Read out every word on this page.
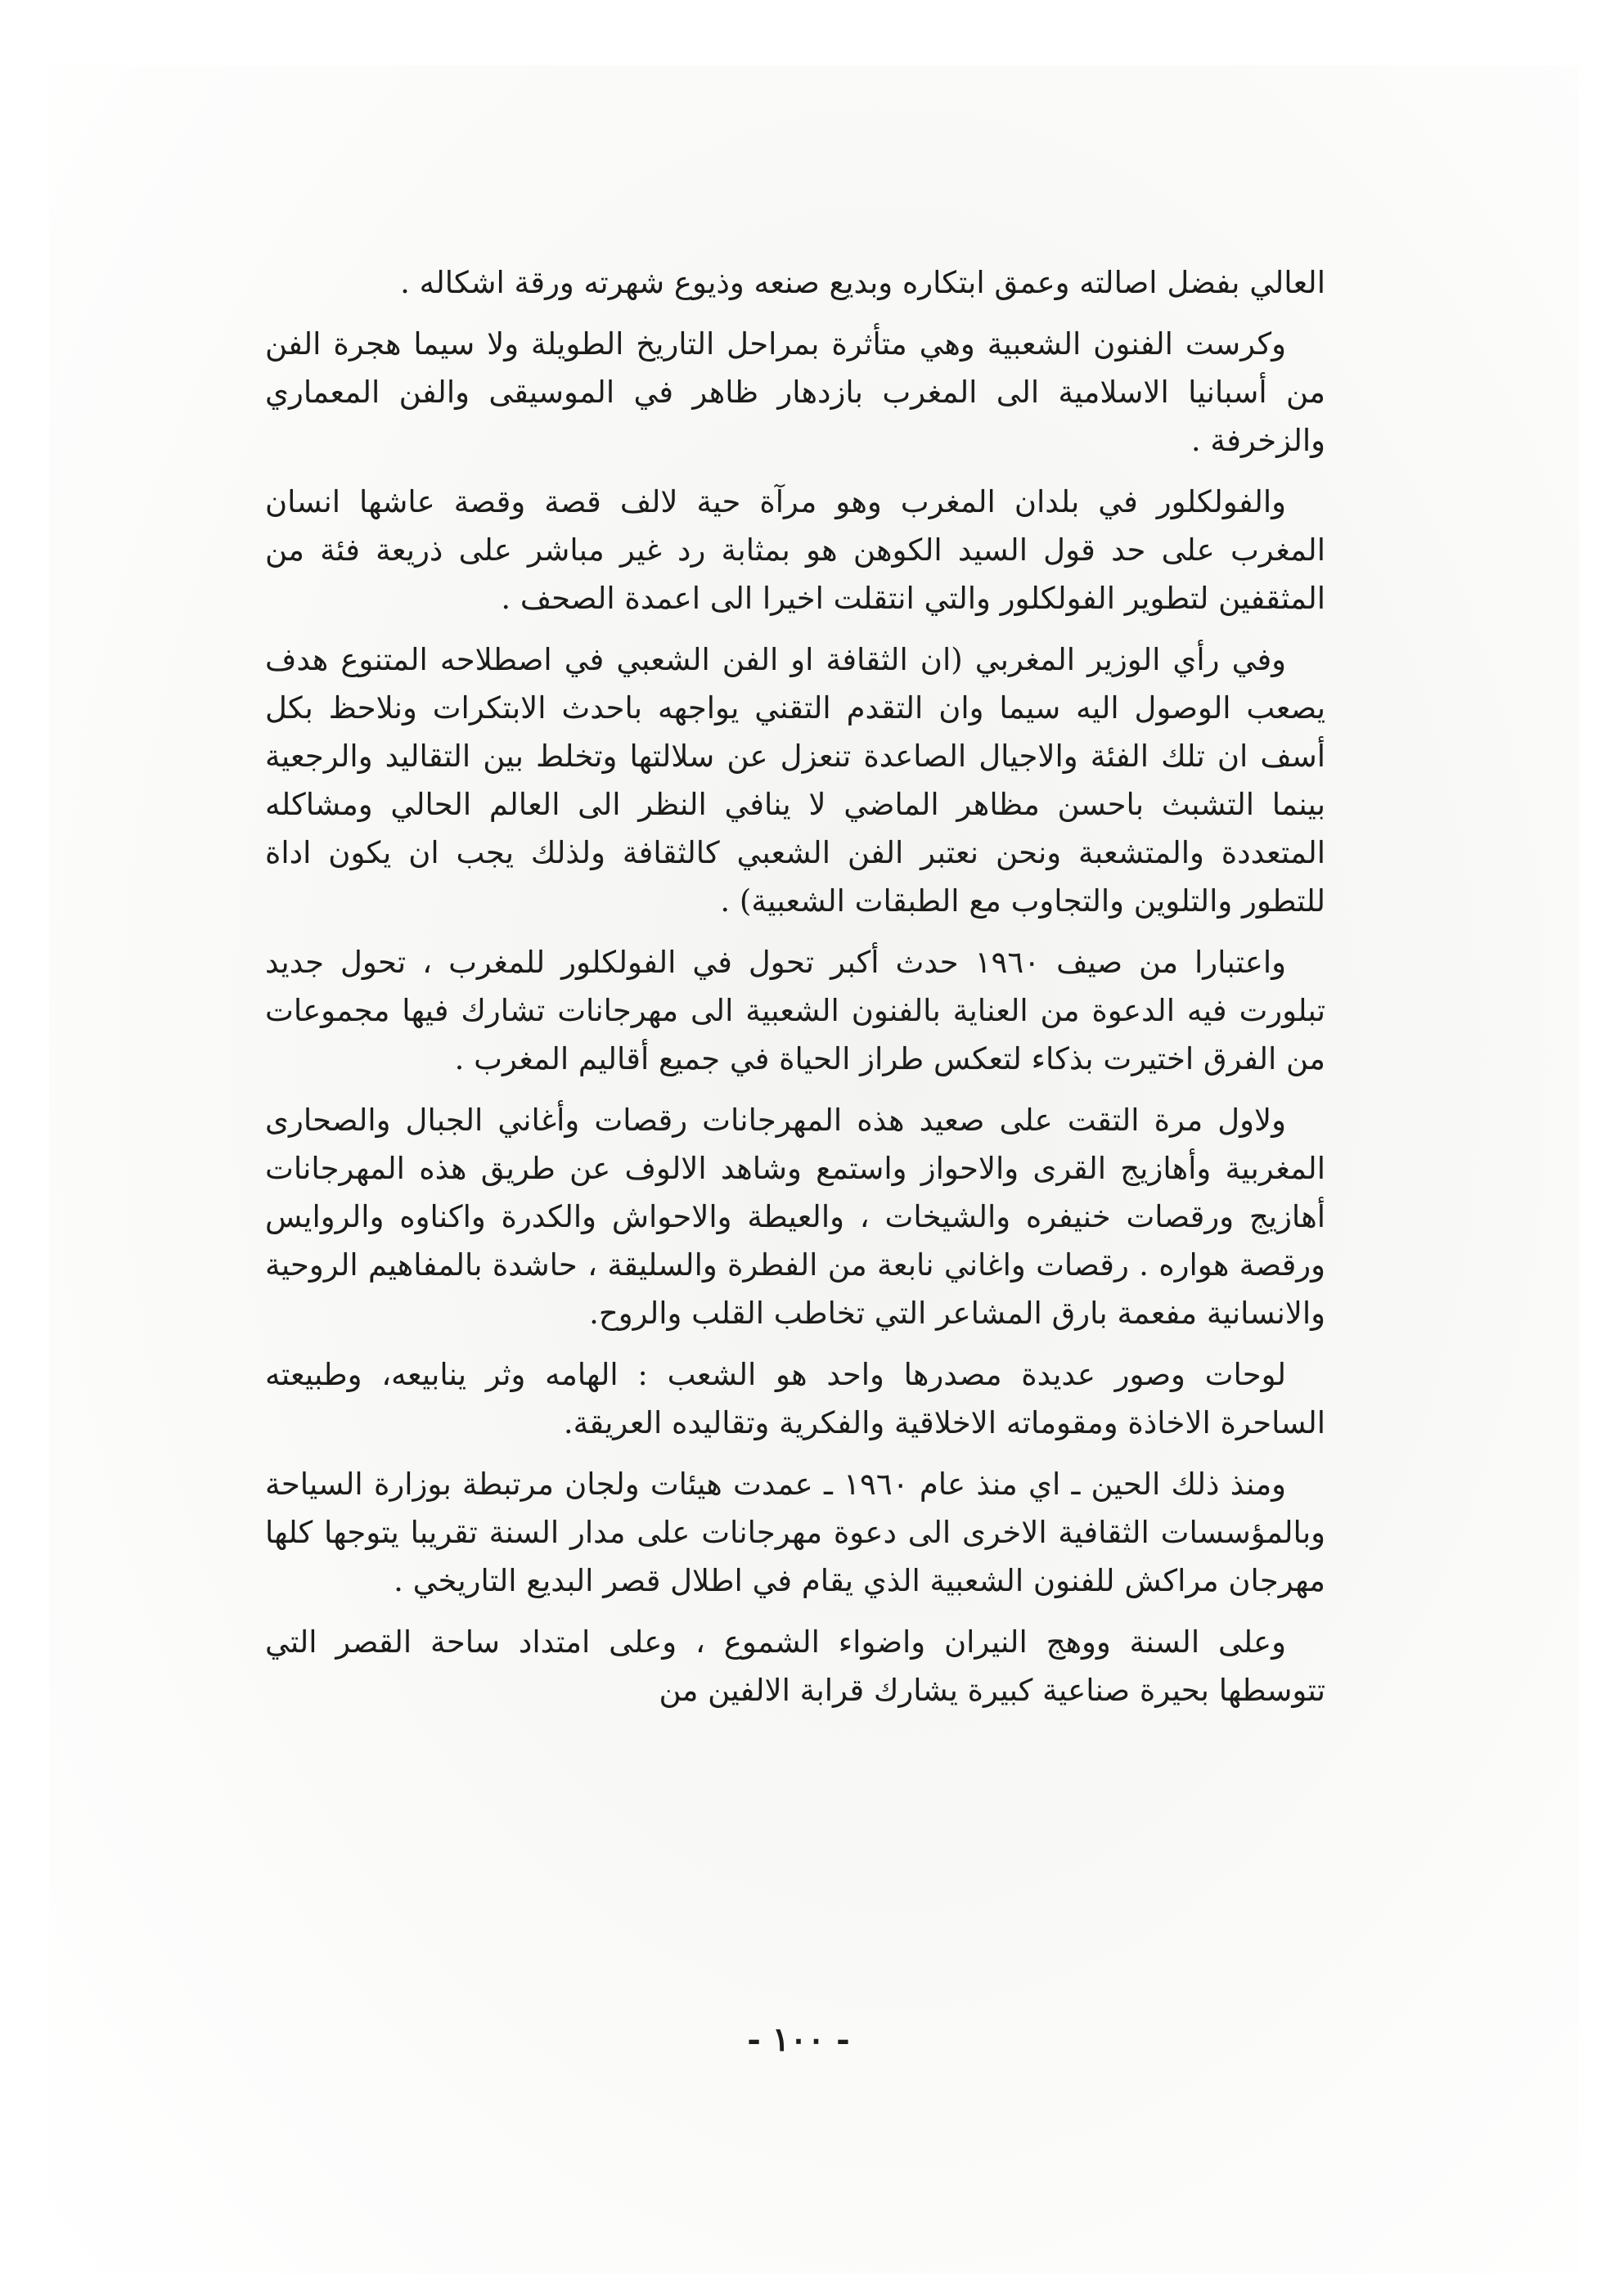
العالي بفضل اصالته وعمق ابتكاره وبديع صنعه وذيوع شهرته ورقة اشكاله .

وكرست الفنون الشعبية وهي متأثرة بمراحل التاريخ الطويلة ولا سيما هجرة الفن من أسبانيا الاسلامية الى المغرب بازدهار ظاهر في الموسيقى والفن المعماري والزخرفة .

والفولكلور في بلدان المغرب وهو مرآة حية لالف قصة وقصة عاشها انسان المغرب على حد قول السيد الكوهن هو بمثابة رد غير مباشر على ذريعة فئة من المثقفين لتطوير الفولكلور والتي انتقلت اخيرا الى اعمدة الصحف .

وفي رأي الوزير المغربي (ان الثقافة او الفن الشعبي في اصطلاحه المتنوع هدف يصعب الوصول اليه سيما وان التقدم التقني يواجهه باحدث الابتكرات ونلاحظ بكل أسف ان تلك الفئة والاجيال الصاعدة تنعزل عن سلالتها وتخلط بين التقاليد والرجعية بينما التشبث باحسن مظاهر الماضي لا ينافي النظر الى العالم الحالي ومشاكله المتعددة والمتشعبة ونحن نعتبر الفن الشعبي كالثقافة ولذلك يجب ان يكون اداة للتطور والتلوين والتجاوب مع الطبقات الشعبية) .

واعتبارا من صيف ١٩٦٠ حدث أكبر تحول في الفولكلور للمغرب ، تحول جديد تبلورت فيه الدعوة من العناية بالفنون الشعبية الى مهرجانات تشارك فيها مجموعات من الفرق اختيرت بذكاء لتعكس طراز الحياة في جميع أقاليم المغرب .

ولاول مرة التقت على صعيد هذه المهرجانات رقصات وأغاني الجبال والصحارى المغربية وأهازيج القرى والاحواز واستمع وشاهد الالوف عن طريق هذه المهرجانات أهازيج ورقصات خنيفره والشيخات ، والعيطة والاحواش والكدرة واكناوه والروايس ورقصة هواره . رقصات واغاني نابعة من الفطرة والسليقة ، حاشدة بالمفاهيم الروحية والانسانية مفعمة بارق المشاعر التي تخاطب القلب والروح.

لوحات وصور عديدة مصدرها واحد هو الشعب : الهامه وثر ينابيعه، وطبيعته الساحرة الاخاذة ومقوماته الاخلاقية والفكرية وتقاليده العريقة.

ومنذ ذلك الحين ـ اي منذ عام ١٩٦٠ ـ عمدت هيئات ولجان مرتبطة بوزارة السياحة وبالمؤسسات الثقافية الاخرى الى دعوة مهرجانات على مدار السنة تقريبا يتوجها كلها مهرجان مراكش للفنون الشعبية الذي يقام في اطلال قصر البديع التاريخي .

وعلى السنة ووهج النيران واضواء الشموع ، وعلى امتداد ساحة القصر التي تتوسطها بحيرة صناعية كبيرة يشارك قرابة الالفين من

- ١٠٠ -
